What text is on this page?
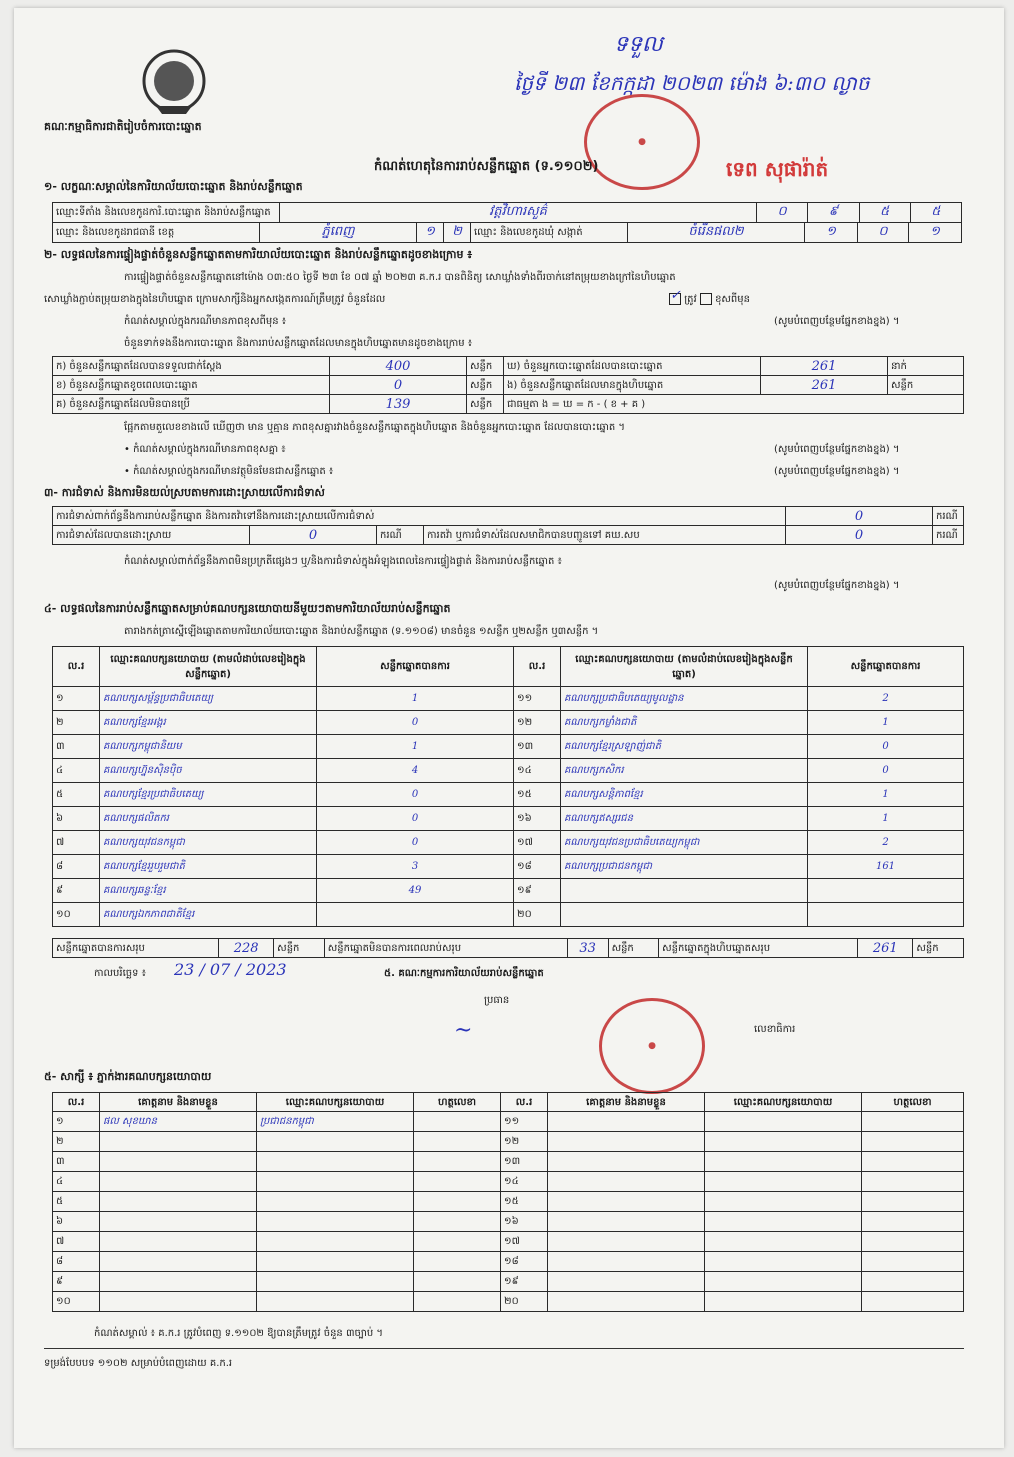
គណៈកម្មាធិការជាតិរៀបចំការបោះឆ្នោត
ទទួល
ថ្ងៃទី ២៣ ខែកក្កដា ២០២៣ ម៉ោង ៦:៣០ ល្ងាច
●
ទេព សុផារ៉ាត់
កំណត់ហេតុនៃការរាប់សន្លឹកឆ្នោត (ទ.១១០២)
១- លក្ខណៈសម្គាល់នៃការិយាល័យបោះឆ្នោត និងរាប់សន្លឹកឆ្នោត
ឈ្មោះទីតាំង និងលេខកូដការិ.បោះឆ្នោត និងរាប់សន្លឹកឆ្នោត	វត្តវិហារសួគ៌	០	៩	៥	៥
ឈ្មោះ និងលេខកូដរាជធានី ខេត្ត	ភ្នំពេញ	១	២	ឈ្មោះ និងលេខកូដឃុំ សង្កាត់	ចំរើនផល២	១	០	១
២- លទ្ធផលនៃការផ្ទៀងផ្ទាត់ចំនួនសន្លឹកឆ្នោតតាមការិយាល័យបោះឆ្នោត និងរាប់សន្លឹកឆ្នោតដូចខាងក្រោម ៖
ការផ្ទៀងផ្ទាត់ចំនួនសន្លឹកឆ្នោតនៅម៉ោង ០៣:៥០ ថ្ងៃទី ២៣ ខែ ០៧ ឆ្នាំ ២០២៣ គ.ក.រ បានពិនិត្យ សោឃ្លាំងទាំងពីរចាក់នៅតម្រុយខាងក្រៅនៃហិបឆ្នោត
សោឃ្លាំងភ្ជាប់តម្រុយខាងក្នុងនៃហិបឆ្នោត ក្រោមសាក្សីនិងអ្នកសង្កេតការណ៍ត្រឹមត្រូវ ចំនួនដែល	✓ ត្រូវ ខុសពីមុន
កំណត់សម្គាល់ក្នុងករណីមានភាពខុសពីមុន ៖	(សូមបំពេញបន្ថែមផ្នែកខាងខ្នង) ។
ចំនួនទាក់ទងនឹងការបោះឆ្នោត និងការរាប់សន្លឹកឆ្នោតដែលមានក្នុងហិបឆ្នោតមានដូចខាងក្រោម ៖
ក) ចំនួនសន្លឹកឆ្នោតដែលបានទទួលជាក់ស្តែង	400	សន្លឹក	ឃ) ចំនួនអ្នកបោះឆ្នោតដែលបានបោះឆ្នោត	261	នាក់
ខ) ចំនួនសន្លឹកឆ្នោតខូចពេលបោះឆ្នោត	0	សន្លឹក	ង) ចំនួនសន្លឹកឆ្នោតដែលមានក្នុងហិបឆ្នោត	261	សន្លឹក
គ) ចំនួនសន្លឹកឆ្នោតដែលមិនបានប្រើ	139	សន្លឹក	ជាធម្មតា ង = ឃ = ក - ( ខ + គ )		
ផ្អែកតាមតួលេខខាងលើ ឃើញថា មាន ឬគ្មាន ភាពខុសគ្នារវាងចំនួនសន្លឹកឆ្នោតក្នុងហិបឆ្នោត និងចំនួនអ្នកបោះឆ្នោត ដែលបានបោះឆ្នោត ។
• កំណត់សម្គាល់ក្នុងករណីមានភាពខុសគ្នា ៖	(សូមបំពេញបន្ថែមផ្នែកខាងខ្នង) ។
• កំណត់សម្គាល់ក្នុងករណីមានវត្ថុមិនមែនជាសន្លឹកឆ្នោត ៖	(សូមបំពេញបន្ថែមផ្នែកខាងខ្នង) ។
៣- ការជំទាស់ និងការមិនយល់ស្របតាមការដោះស្រាយលើការជំទាស់
ការជំទាស់ពាក់ព័ន្ធនឹងការរាប់សន្លឹកឆ្នោត និងការតវ៉ាទៅនឹងការដោះស្រាយលើការជំទាស់				0	ករណី
ការជំទាស់ដែលបានដោះស្រាយ	0	ករណី	ការតវ៉ា ឬការជំទាស់ដែលសមាជិកបានបញ្ជូនទៅ គឃ.សប	0	ករណី
កំណត់សម្គាល់ពាក់ព័ន្ធនឹងភាពមិនប្រក្រតីផ្សេងៗ ឬ/និងការជំទាស់ក្នុងអំឡុងពេលនៃការផ្ទៀងផ្ទាត់ និងការរាប់សន្លឹកឆ្នោត ៖
(សូមបំពេញបន្ថែមផ្នែកខាងខ្នង) ។
៤- លទ្ធផលនៃការរាប់សន្លឹកឆ្នោតសម្រាប់គណបក្សនយោបាយនីមួយៗតាមការិយាល័យរាប់សន្លឹកឆ្នោត
តារាងកត់ត្រាស្នើឡើងឆ្នោតតាមការិយាល័យបោះឆ្នោត និងរាប់សន្លឹកឆ្នោត (ទ.១១០៨) មានចំនួន ១សន្លឹក ឬ២សន្លឹក ឬ៣សន្លឹក ។
ល.រ	ឈ្មោះគណបក្សនយោបាយ (តាមលំដាប់លេខរៀងក្នុងសន្លឹកឆ្នោត)	សន្លឹកឆ្នោតបានការ	ល.រ	ឈ្មោះគណបក្សនយោបាយ (តាមលំដាប់លេខរៀងក្នុងសន្លឹកឆ្នោត)	សន្លឹកឆ្នោតបានការ
១	គណបក្សសម្ព័ន្ធប្រជាធិបតេយ្យ	1	១១	គណបក្សប្រជាធិបតេយ្យមូលដ្ឋាន	2
២	គណបក្សខ្មែរអង្គរ	0	១២	គណបក្សកម្លាំងជាតិ	1
៣	គណបក្សកម្ពុជានិយម	1	១៣	គណបក្សខ្មែរស្រឡាញ់ជាតិ	0
៤	គណបក្សហ្វ៊ុនស៊ិនប៉ិច	4	១៤	គណបក្សកសិករ	0
៥	គណបក្សខ្មែរប្រជាធិបតេយ្យ	0	១៥	គណបក្សសន្តិភាពខ្មែរ	1
៦	គណបក្សផលិតករ	0	១៦	គណបក្សឥស្សរជន	1
៧	គណបក្សយុវជនកម្ពុជា	0	១៧	គណបក្សយុវជនប្រជាធិបតេយ្យកម្ពុជា	2
៨	គណបក្សខ្មែររួបរួមជាតិ	3	១៨	គណបក្សប្រជាជនកម្ពុជា	161
៩	គណបក្សឆន្ទៈខ្មែរ	49	១៩		
១០	គណបក្សឯកភាពជាតិខ្មែរ		២០		
សន្លឹកឆ្នោតបានការសរុប	228	សន្លឹក	សន្លឹកឆ្នោតមិនបានការពេលរាប់សរុប	33	សន្លឹក	សន្លឹកឆ្នោតក្នុងហិបឆ្នោតសរុប	261	សន្លឹក
កាលបរិច្ឆេទ ៖ 23 / 07 / 2023	៥. គណៈកម្មការការិយាល័យរាប់សន្លឹកឆ្នោត
ប្រធាន
~	លេខាធិការ
●
៥- សាក្សី ៖ ភ្នាក់ងារគណបក្សនយោបាយ
ល.រ	គោត្តនាម និងនាមខ្លួន	ឈ្មោះគណបក្សនយោបាយ	ហត្ថលេខា	ល.រ	គោត្តនាម និងនាមខ្លួន	ឈ្មោះគណបក្សនយោបាយ	ហត្ថលេខា
១	ផល សុខឃាន	ប្រជាជនកម្ពុជា		១១			
២				១២			
៣				១៣			
៤				១៤			
៥				១៥			
៦				១៦			
៧				១៧			
៨				១៨			
៩				១៩			
១០				២០			
កំណត់សម្គាល់ ៖ គ.ក.រ ត្រូវបំពេញ ទ.១១០២ ឱ្យបានត្រឹមត្រូវ ចំនួន ៣ច្បាប់ ។
ទម្រង់បែបបទ ១១០២ សម្រាប់បំពេញដោយ គ.ក.រ
